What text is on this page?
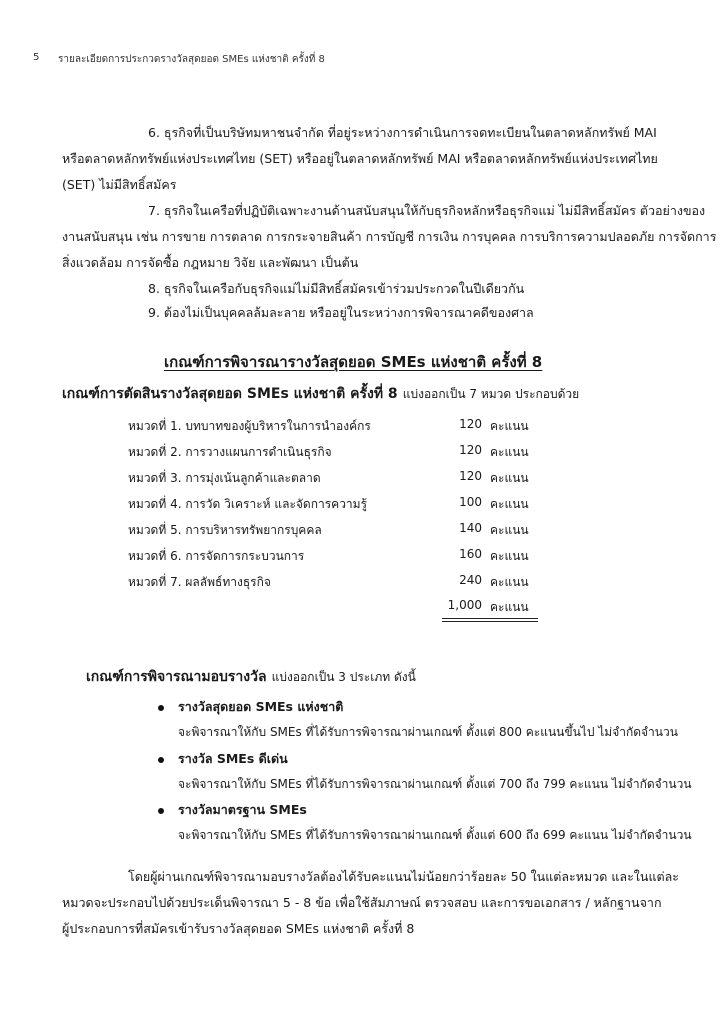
5 รายละเอียดการประกวดรางวัลสุดยอด SMEs แห่งชาติ ครั้งที่ 8
6. ธุรกิจที่เป็นบริษัทมหาชนจำกัด ที่อยู่ระหว่างการดำเนินการจดทะเบียนในตลาดหลักทรัพย์ MAI
หรือตลาดหลักทรัพย์แห่งประเทศไทย (SET) หรืออยู่ในตลาดหลักทรัพย์ MAI หรือตลาดหลักทรัพย์แห่งประเทศไทย
(SET) ไม่มีสิทธิ์สมัคร
7. ธุรกิจในเครือที่ปฏิบัติเฉพาะงานด้านสนับสนุนให้กับธุรกิจหลักหรือธุรกิจแม่ ไม่มีสิทธิ์สมัคร ตัวอย่างของ
งานสนับสนุน เช่น การขาย การตลาด การกระจายสินค้า การบัญชี การเงิน การบุคคล การบริการความปลอดภัย การจัดการ
สิ่งแวดล้อม การจัดซื้อ กฎหมาย วิจัย และพัฒนา เป็นต้น
8. ธุรกิจในเครือกับธุรกิจแม่ไม่มีสิทธิ์สมัครเข้าร่วมประกวดในปีเดียวกัน
9. ต้องไม่เป็นบุคคลล้มละลาย หรืออยู่ในระหว่างการพิจารณาคดีของศาล
เกณฑ์การพิจารณารางวัลสุดยอด SMEs แห่งชาติ ครั้งที่ 8
เกณฑ์การตัดสินรางวัลสุดยอด SMEs แห่งชาติ ครั้งที่ 8 แบ่งออกเป็น 7 หมวด ประกอบด้วย
หมวดที่ 1. บทบาทของผู้บริหารในการนำองค์กร	120 คะแนน
หมวดที่ 2. การวางแผนการดำเนินธุรกิจ	120 คะแนน
หมวดที่ 3. การมุ่งเน้นลูกค้าและตลาด	120 คะแนน
หมวดที่ 4. การวัด วิเคราะห์ และจัดการความรู้	100 คะแนน
หมวดที่ 5. การบริหารทรัพยากรบุคคล	140 คะแนน
หมวดที่ 6. การจัดการกระบวนการ	160 คะแนน
หมวดที่ 7. ผลลัพธ์ทางธุรกิจ	240 คะแนน
1,000 คะแนน
เกณฑ์การพิจารณามอบรางวัล แบ่งออกเป็น 3 ประเภท ดังนี้
รางวัลสุดยอด SMEs แห่งชาติ
จะพิจารณาให้กับ SMEs ที่ได้รับการพิจารณาผ่านเกณฑ์ ตั้งแต่ 800 คะแนนขึ้นไป ไม่จำกัดจำนวน
รางวัล SMEs ดีเด่น
จะพิจารณาให้กับ SMEs ที่ได้รับการพิจารณาผ่านเกณฑ์ ตั้งแต่ 700 ถึง 799 คะแนน ไม่จำกัดจำนวน
รางวัลมาตรฐาน SMEs
จะพิจารณาให้กับ SMEs ที่ได้รับการพิจารณาผ่านเกณฑ์ ตั้งแต่ 600 ถึง 699 คะแนน ไม่จำกัดจำนวน
โดยผู้ผ่านเกณฑ์พิจารณามอบรางวัลต้องได้รับคะแนนไม่น้อยกว่าร้อยละ 50 ในแต่ละหมวด และในแต่ละ
หมวดจะประกอบไปด้วยประเด็นพิจารณา 5 - 8 ข้อ เพื่อใช้สัมภาษณ์ ตรวจสอบ และการขอเอกสาร / หลักฐานจาก
ผู้ประกอบการที่สมัครเข้ารับรางวัลสุดยอด SMEs แห่งชาติ ครั้งที่ 8
